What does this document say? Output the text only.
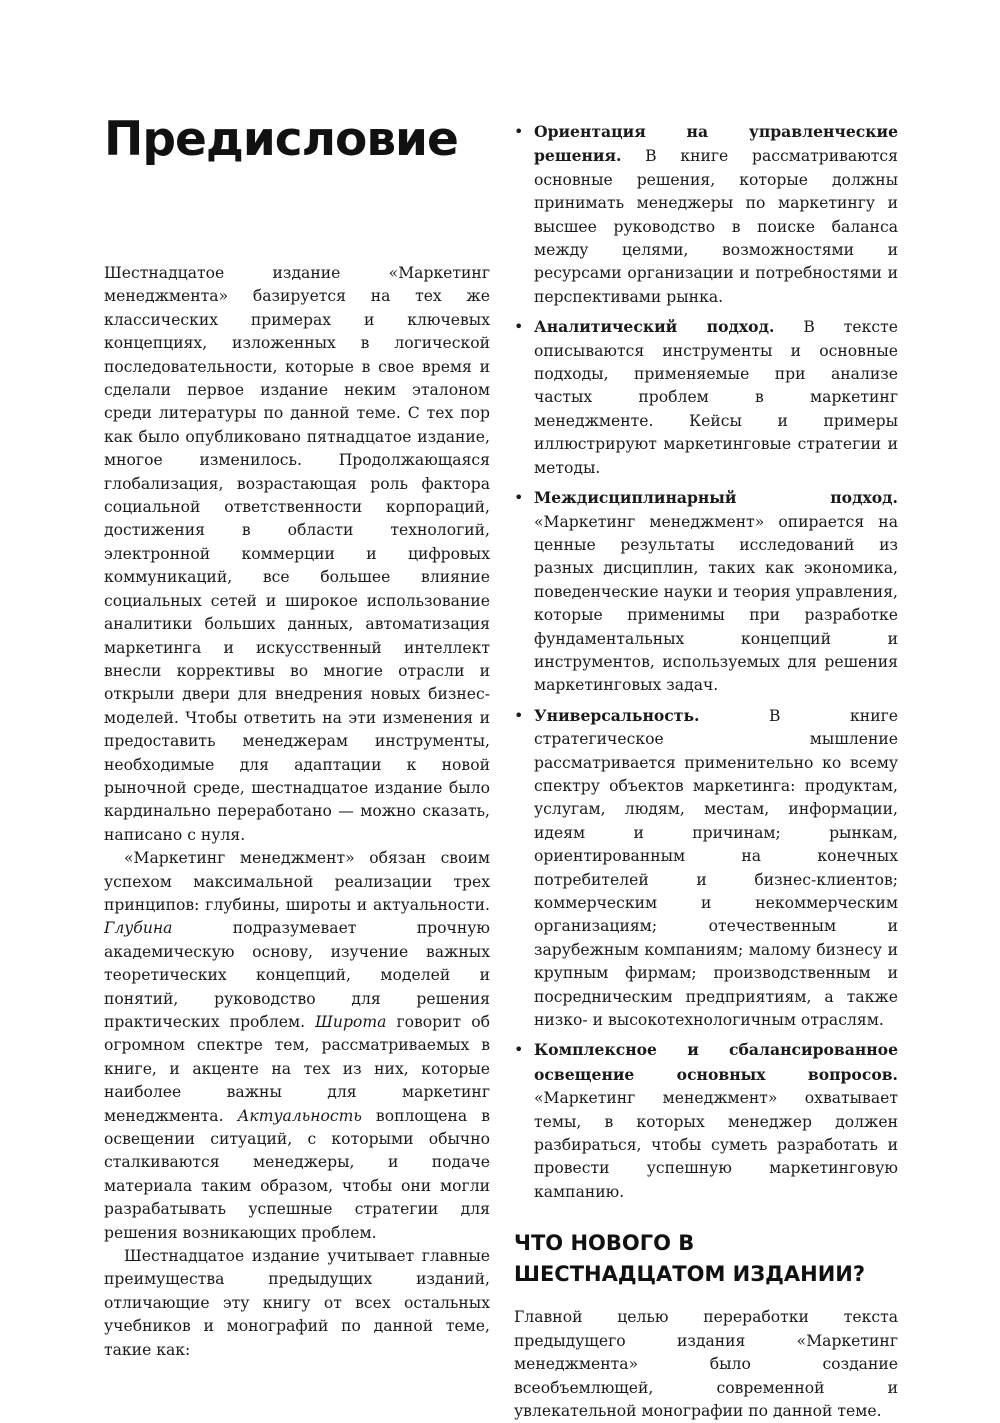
Предисловие

Шестнадцатое издание «Маркетинг менеджмента» базируется на тех же классических примерах и ключевых концепциях, изложенных в логической последовательности, которые в свое время и сделали первое издание неким эталоном среди литературы по данной теме. С тех пор как было опубликовано пятнадцатое издание, многое изменилось. Продолжающаяся глобализация, возрастающая роль фактора социальной ответственности корпораций, достижения в области технологий, электронной коммерции и цифровых коммуникаций, все большее влияние социальных сетей и широкое использование аналитики больших данных, автоматизация маркетинга и искусственный интеллект внесли коррективы во многие отрасли и открыли двери для внедрения новых бизнес-моделей. Чтобы ответить на эти изменения и предоставить менеджерам инструменты, необходимые для адаптации к новой рыночной среде, шестнадцатое издание было кардинально переработано — можно сказать, написано с нуля.

«Маркетинг менеджмент» обязан своим успехом максимальной реализации трех принципов: глубины, широты и актуальности. Глубина подразумевает прочную академическую основу, изучение важных теоретических концепций, моделей и понятий, руководство для решения практических проблем. Широта говорит об огромном спектре тем, рассматриваемых в книге, и акценте на тех из них, которые наиболее важны для маркетинг менеджмента. Актуальность воплощена в освещении ситуаций, с которыми обычно сталкиваются менеджеры, и подаче материала таким образом, чтобы они могли разрабатывать успешные стратегии для решения возникающих проблем.

Шестнадцатое издание учитывает главные преимущества предыдущих изданий, отличающие эту книгу от всех остальных учебников и монографий по данной теме, такие как:

• Ориентация на управленческие решения. В книге рассматриваются основные решения, которые должны принимать менеджеры по маркетингу и высшее руководство в поиске баланса между целями, возможностями и ресурсами организации и потребностями и перспективами рынка.
• Аналитический подход. В тексте описываются инструменты и основные подходы, применяемые при анализе частых проблем в маркетинг менеджменте. Кейсы и примеры иллюстрируют маркетинговые стратегии и методы.
• Междисциплинарный подход. «Маркетинг менеджмент» опирается на ценные результаты исследований из разных дисциплин, таких как экономика, поведенческие науки и теория управления, которые применимы при разработке фундаментальных концепций и инструментов, используемых для решения маркетинговых задач.
• Универсальность. В книге стратегическое мышление рассматривается применительно ко всему спектру объектов маркетинга: продуктам, услугам, людям, местам, информации, идеям и причинам; рынкам, ориентированным на конечных потребителей и бизнес-клиентов; коммерческим и некоммерческим организациям; отечественным и зарубежным компаниям; малому бизнесу и крупным фирмам; производственным и посредническим предприятиям, а также низко- и высокотехнологичным отраслям.
• Комплексное и сбалансированное освещение основных вопросов. «Маркетинг менеджмент» охватывает темы, в которых менеджер должен разбираться, чтобы суметь разработать и провести успешную маркетинговую кампанию.
ЧТО НОВОГО В ШЕСТНАДЦАТОМ ИЗДАНИИ?

Главной целью переработки текста предыдущего издания «Маркетинг менеджмента» было создание всеобъемлющей, современной и увлекательной монографии по данной теме.
